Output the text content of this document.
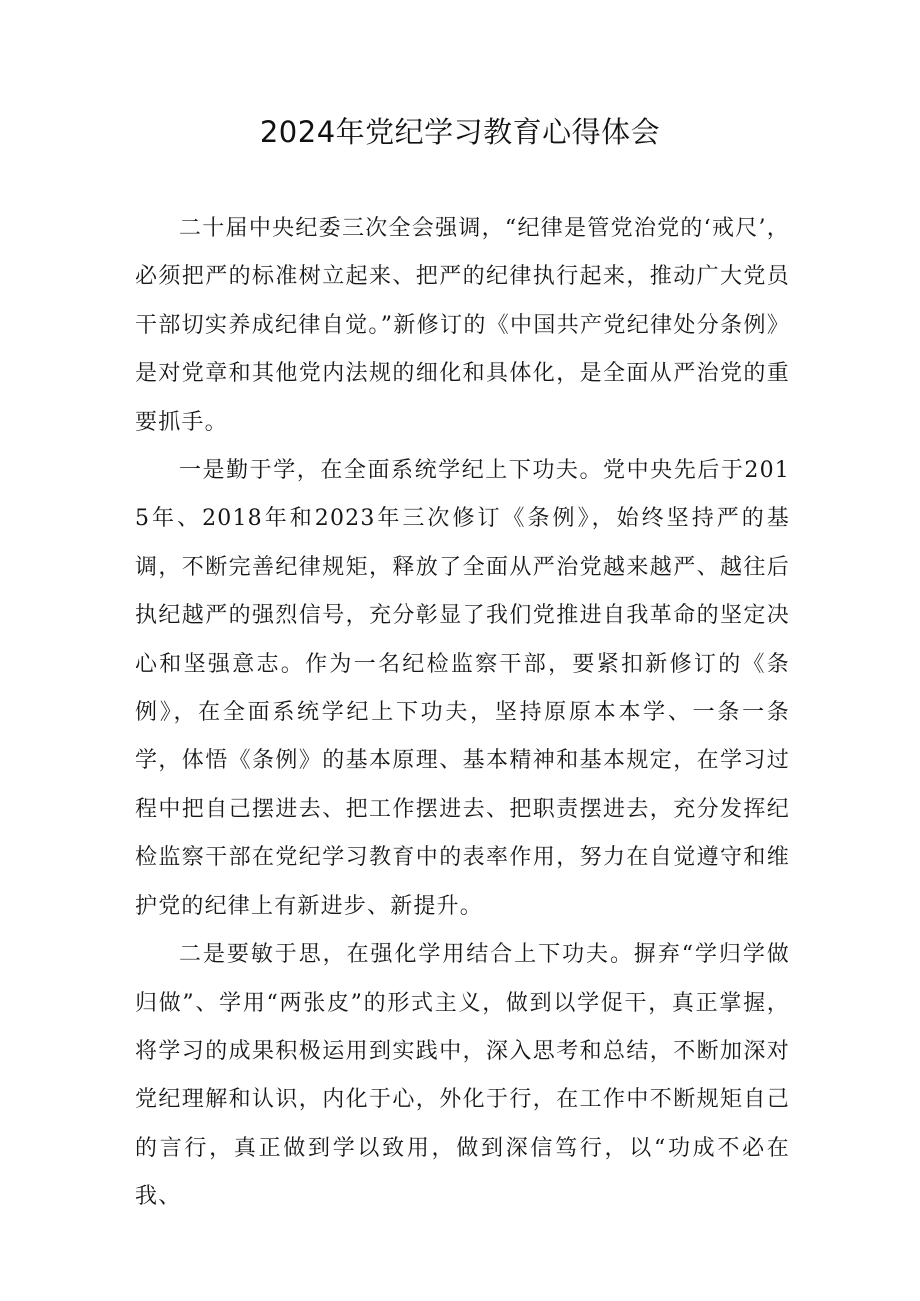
2024年党纪学习教育心得体会

二十届中央纪委三次全会强调，“纪律是管党治党的‘戒尺’，必须把严的标准树立起来、把严的纪律执行起来，推动广大党员干部切实养成纪律自觉。”新修订的《中国共产党纪律处分条例》是对党章和其他党内法规的细化和具体化，是全面从严治党的重要抓手。

一是勤于学，在全面系统学纪上下功夫。党中央先后于2015年、2018年和2023年三次修订《条例》，始终坚持严的基调，不断完善纪律规矩，释放了全面从严治党越来越严、越往后执纪越严的强烈信号，充分彰显了我们党推进自我革命的坚定决心和坚强意志。作为一名纪检监察干部，要紧扣新修订的《条例》，在全面系统学纪上下功夫，坚持原原本本学、一条一条学，体悟《条例》的基本原理、基本精神和基本规定，在学习过程中把自己摆进去、把工作摆进去、把职责摆进去，充分发挥纪检监察干部在党纪学习教育中的表率作用，努力在自觉遵守和维护党的纪律上有新进步、新提升。

二是要敏于思，在强化学用结合上下功夫。摒弃“学归学做归做”、学用“两张皮”的形式主义，做到以学促干，真正掌握，将学习的成果积极运用到实践中，深入思考和总结，不断加深对党纪理解和认识，内化于心，外化于行，在工作中不断规矩自己的言行，真正做到学以致用，做到深信笃行，以“功成不必在我、
